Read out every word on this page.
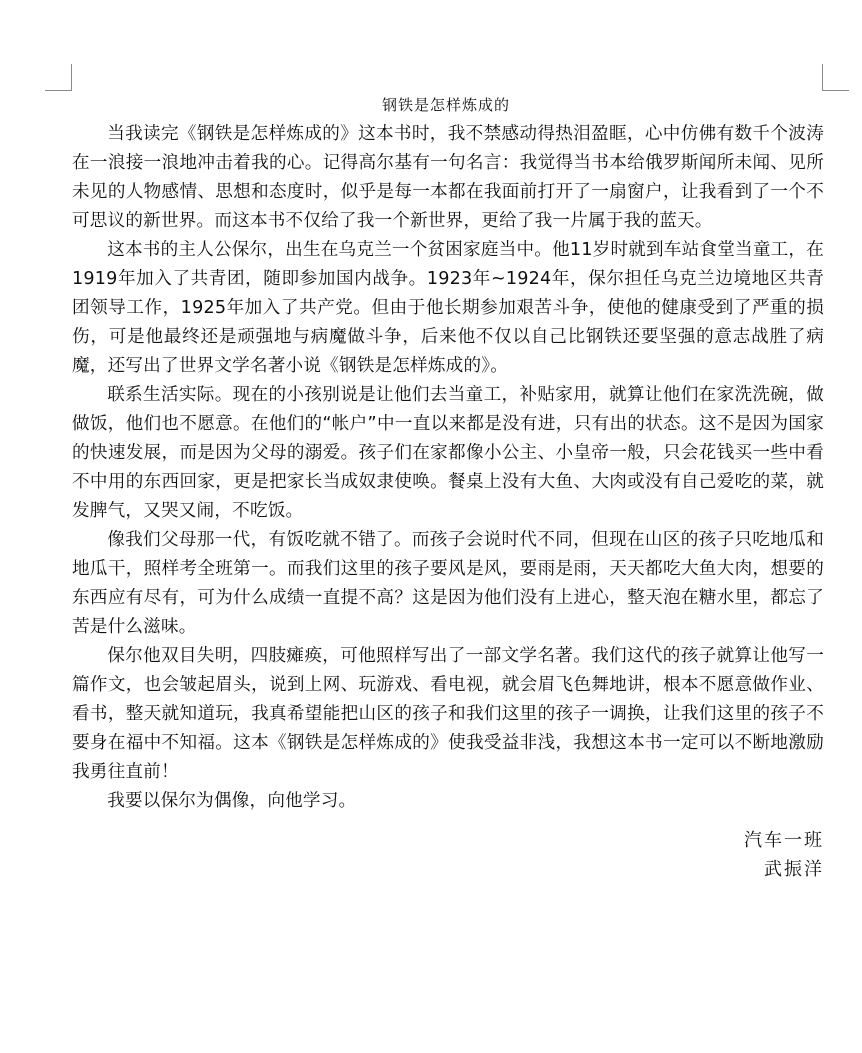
钢铁是怎样炼成的

当我读完《钢铁是怎样炼成的》这本书时，我不禁感动得热泪盈眶，心中仿佛有数千个波涛在一浪接一浪地冲击着我的心。记得高尔基有一句名言：我觉得当书本给俄罗斯闻所未闻、见所未见的人物感情、思想和态度时，似乎是每一本都在我面前打开了一扇窗户，让我看到了一个不可思议的新世界。而这本书不仅给了我一个新世界，更给了我一片属于我的蓝天。

这本书的主人公保尔，出生在乌克兰一个贫困家庭当中。他11岁时就到车站食堂当童工，在1919年加入了共青团，随即参加国内战争。1923年~1924年，保尔担任乌克兰边境地区共青团领导工作，1925年加入了共产党。但由于他长期参加艰苦斗争，使他的健康受到了严重的损伤，可是他最终还是顽强地与病魔做斗争，后来他不仅以自己比钢铁还要坚强的意志战胜了病魔，还写出了世界文学名著小说《钢铁是怎样炼成的》。

联系生活实际。现在的小孩别说是让他们去当童工，补贴家用，就算让他们在家洗洗碗，做做饭，他们也不愿意。在他们的“帐户”中一直以来都是没有进，只有出的状态。这不是因为国家的快速发展，而是因为父母的溺爱。孩子们在家都像小公主、小皇帝一般，只会花钱买一些中看不中用的东西回家，更是把家长当成奴隶使唤。餐桌上没有大鱼、大肉或没有自己爱吃的菜，就发脾气，又哭又闹，不吃饭。

像我们父母那一代，有饭吃就不错了。而孩子会说时代不同，但现在山区的孩子只吃地瓜和地瓜干，照样考全班第一。而我们这里的孩子要风是风，要雨是雨，天天都吃大鱼大肉，想要的东西应有尽有，可为什么成绩一直提不高？这是因为他们没有上进心，整天泡在糖水里，都忘了苦是什么滋味。

保尔他双目失明，四肢瘫痪，可他照样写出了一部文学名著。我们这代的孩子就算让他写一篇作文，也会皱起眉头，说到上网、玩游戏、看电视，就会眉飞色舞地讲，根本不愿意做作业、看书，整天就知道玩，我真希望能把山区的孩子和我们这里的孩子一调换，让我们这里的孩子不要身在福中不知福。这本《钢铁是怎样炼成的》使我受益非浅，我想这本书一定可以不断地激励我勇往直前！

我要以保尔为偶像，向他学习。

汽车一班
武振洋
